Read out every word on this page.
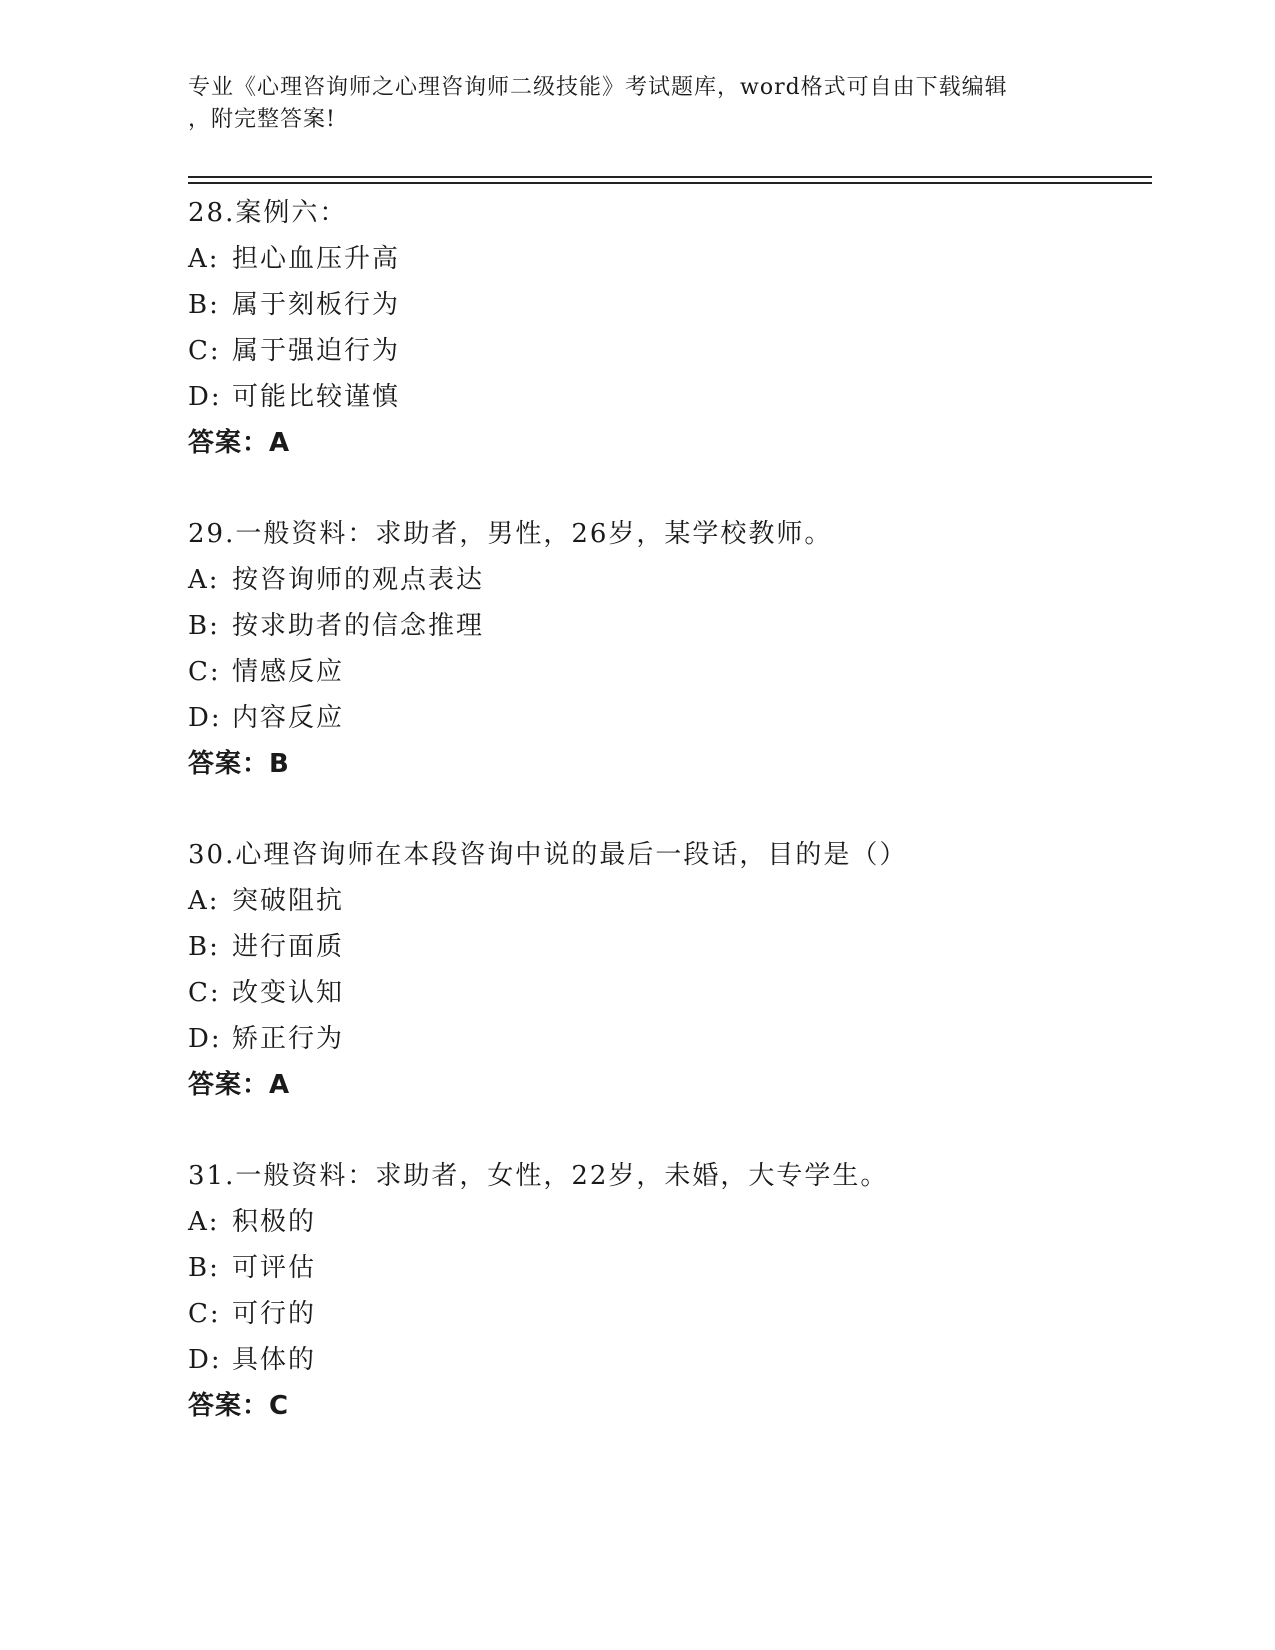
专业《心理咨询师之心理咨询师二级技能》考试题库，word格式可自由下载编辑
，附完整答案!
28.案例六：
A: 担心血压升高
B: 属于刻板行为
C: 属于强迫行为
D: 可能比较谨慎
答案：A
29.一般资料：求助者，男性，26岁，某学校教师。
A: 按咨询师的观点表达
B: 按求助者的信念推理
C: 情感反应
D: 内容反应
答案：B
30.心理咨询师在本段咨询中说的最后一段话，目的是（）
A: 突破阻抗
B: 进行面质
C: 改变认知
D: 矫正行为
答案：A
31.一般资料：求助者，女性，22岁，未婚，大专学生。
A: 积极的
B: 可评估
C: 可行的
D: 具体的
答案：C
